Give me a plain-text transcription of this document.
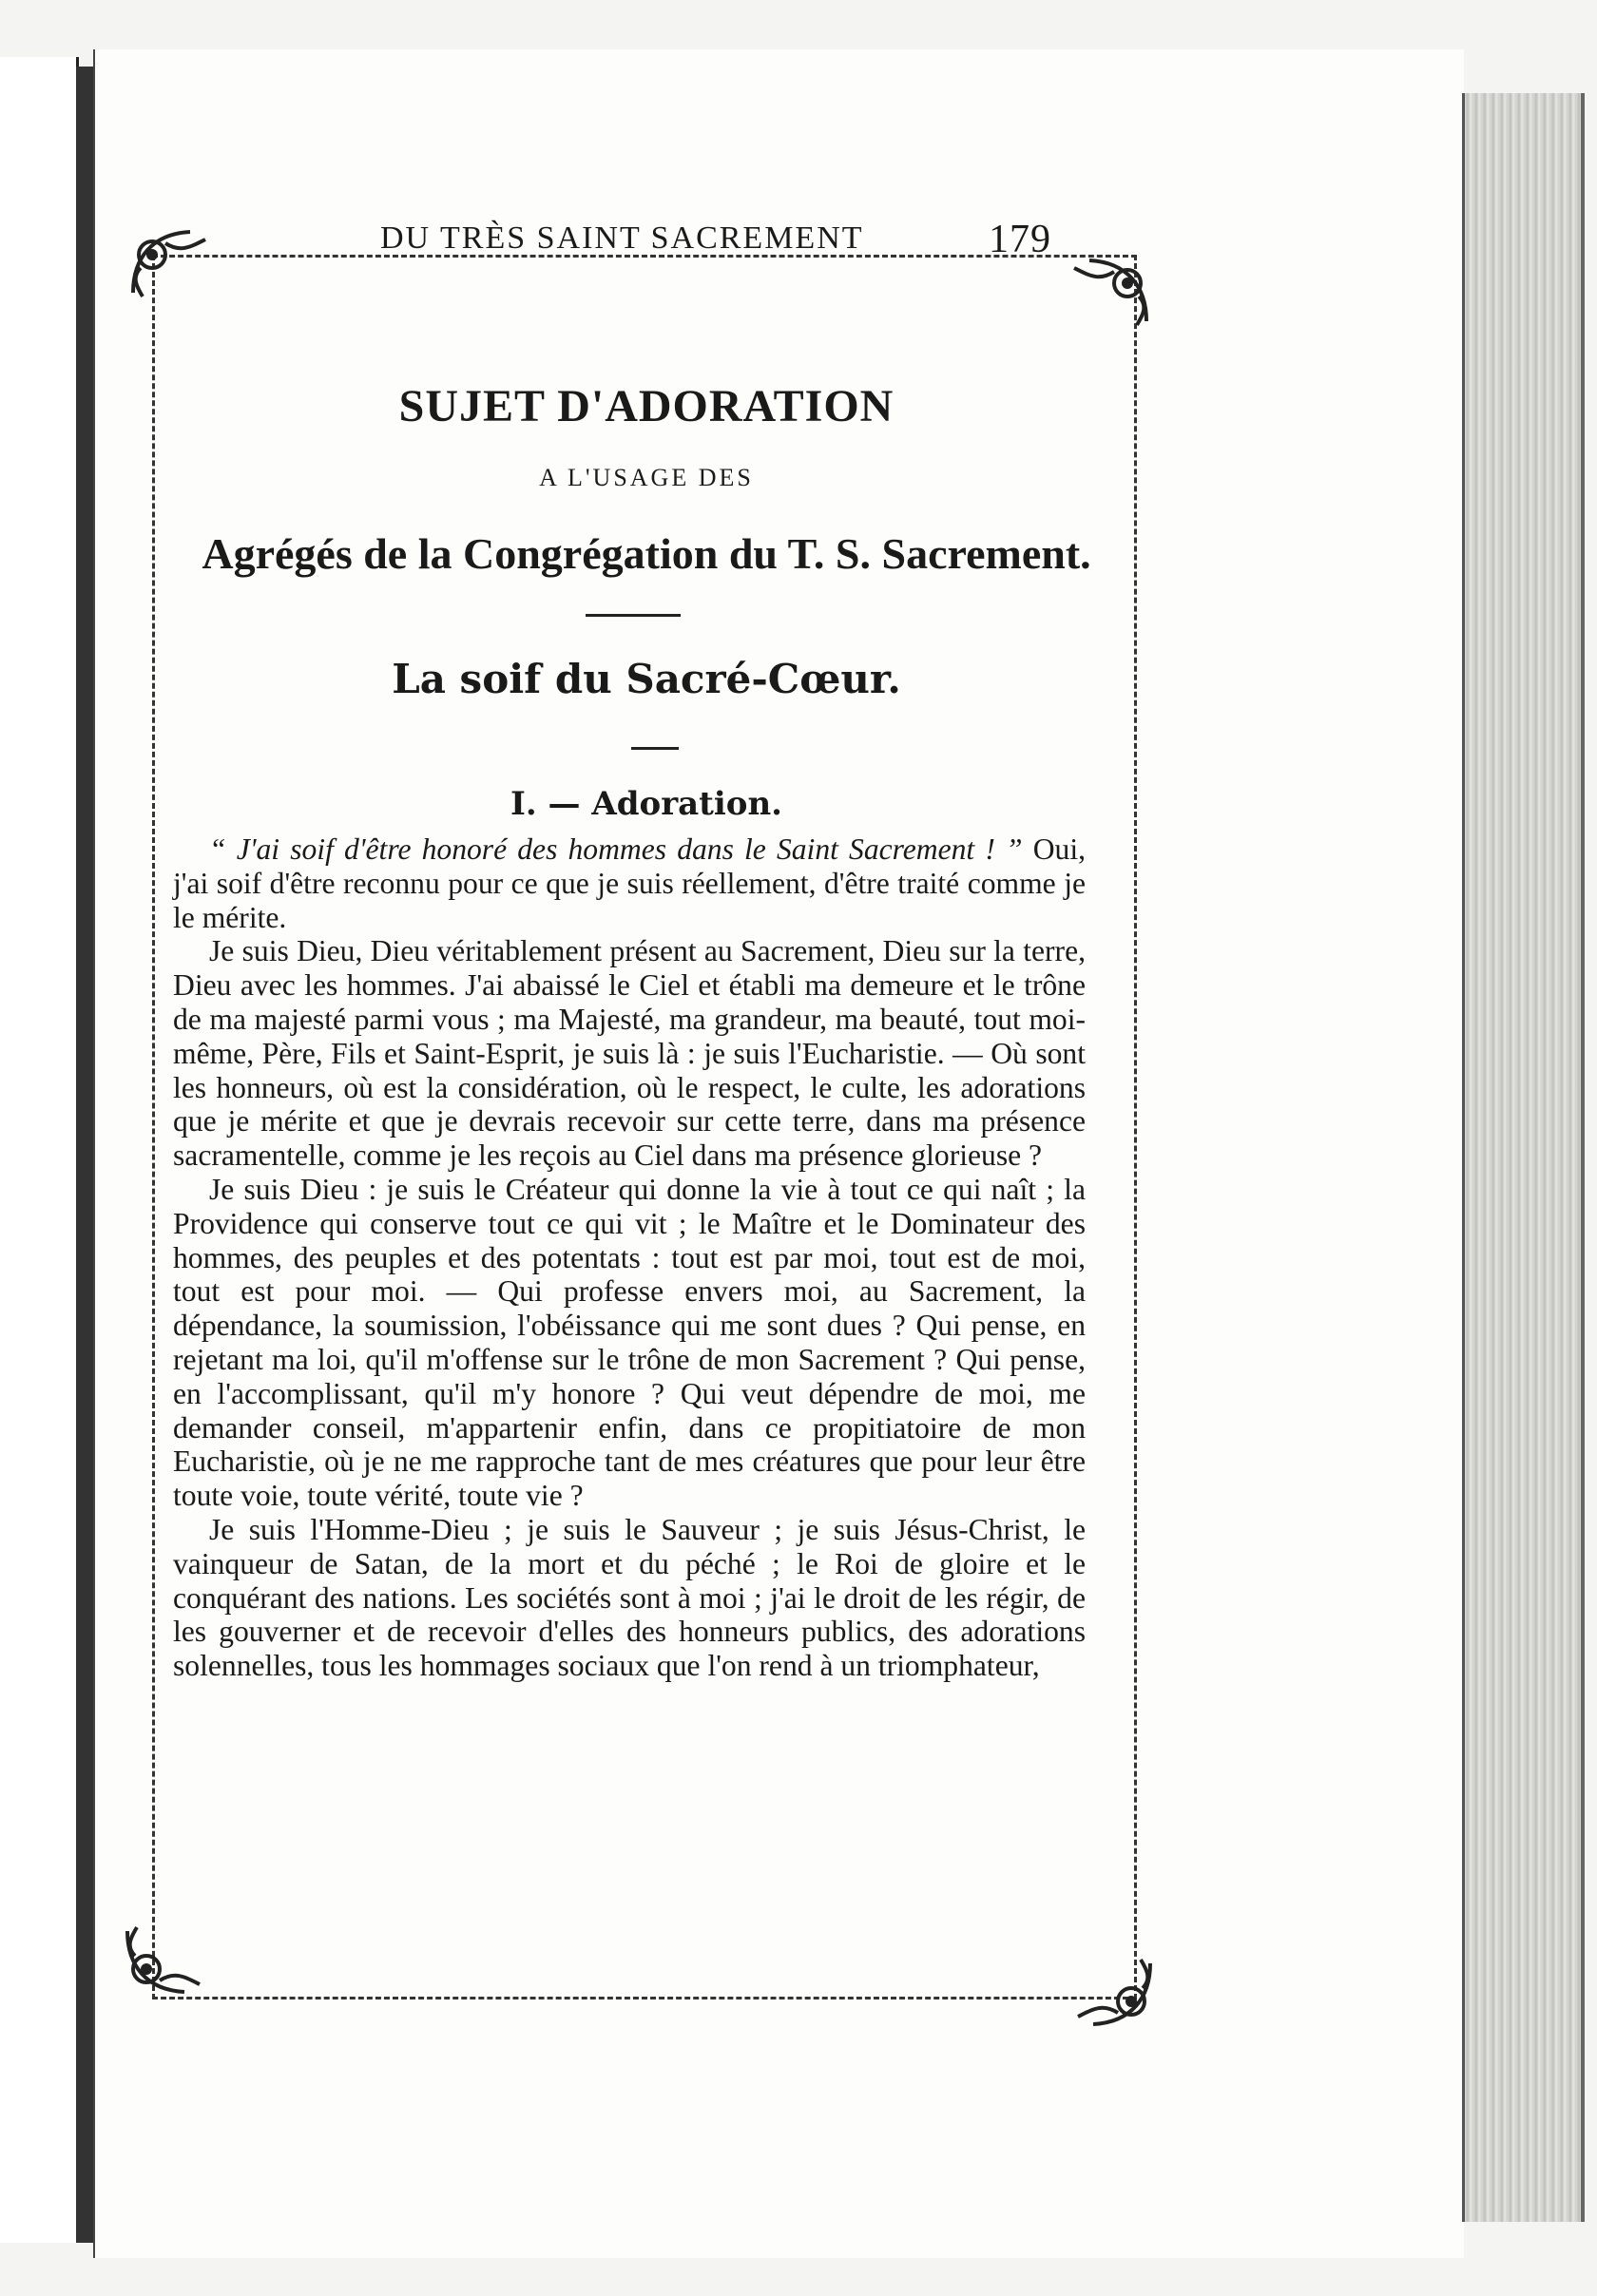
DU TRÈS SAINT SACREMENT	179
SUJET D'ADORATION
A L'USAGE DES
Agrégés de la Congrégation du T. S. Sacrement.
La soif du Sacré-Cœur.
I. — Adoration.

“ J'ai soif d'être honoré des hommes dans le Saint Sacrement ! ” Oui, j'ai soif d'être reconnu pour ce que je suis réellement, d'être traité comme je le mérite.

Je suis Dieu, Dieu véritablement présent au Sacrement, Dieu sur la terre, Dieu avec les hommes. J'ai abaissé le Ciel et établi ma demeure et le trône de ma majesté parmi vous ; ma Majesté, ma grandeur, ma beauté, tout moi-même, Père, Fils et Saint-Esprit, je suis là : je suis l'Eucharistie. — Où sont les honneurs, où est la considération, où le respect, le culte, les adorations que je mérite et que je devrais recevoir sur cette terre, dans ma présence sacramentelle, comme je les reçois au Ciel dans ma présence glorieuse ?

Je suis Dieu : je suis le Créateur qui donne la vie à tout ce qui naît ; la Providence qui conserve tout ce qui vit ; le Maître et le Dominateur des hommes, des peuples et des potentats : tout est par moi, tout est de moi, tout est pour moi. — Qui professe envers moi, au Sacrement, la dépendance, la soumission, l'obéissance qui me sont dues ? Qui pense, en rejetant ma loi, qu'il m'offense sur le trône de mon Sacrement ? Qui pense, en l'accomplissant, qu'il m'y honore ? Qui veut dépendre de moi, me demander conseil, m'appartenir enfin, dans ce propitiatoire de mon Eucharistie, où je ne me rapproche tant de mes créatures que pour leur être toute voie, toute vérité, toute vie ?

Je suis l'Homme-Dieu ; je suis le Sauveur ; je suis Jésus-Christ, le vainqueur de Satan, de la mort et du péché ; le Roi de gloire et le conquérant des nations. Les sociétés sont à moi ; j'ai le droit de les régir, de les gouverner et de recevoir d'elles des honneurs publics, des adorations solennelles, tous les hommages sociaux que l'on rend à un triomphateur,
